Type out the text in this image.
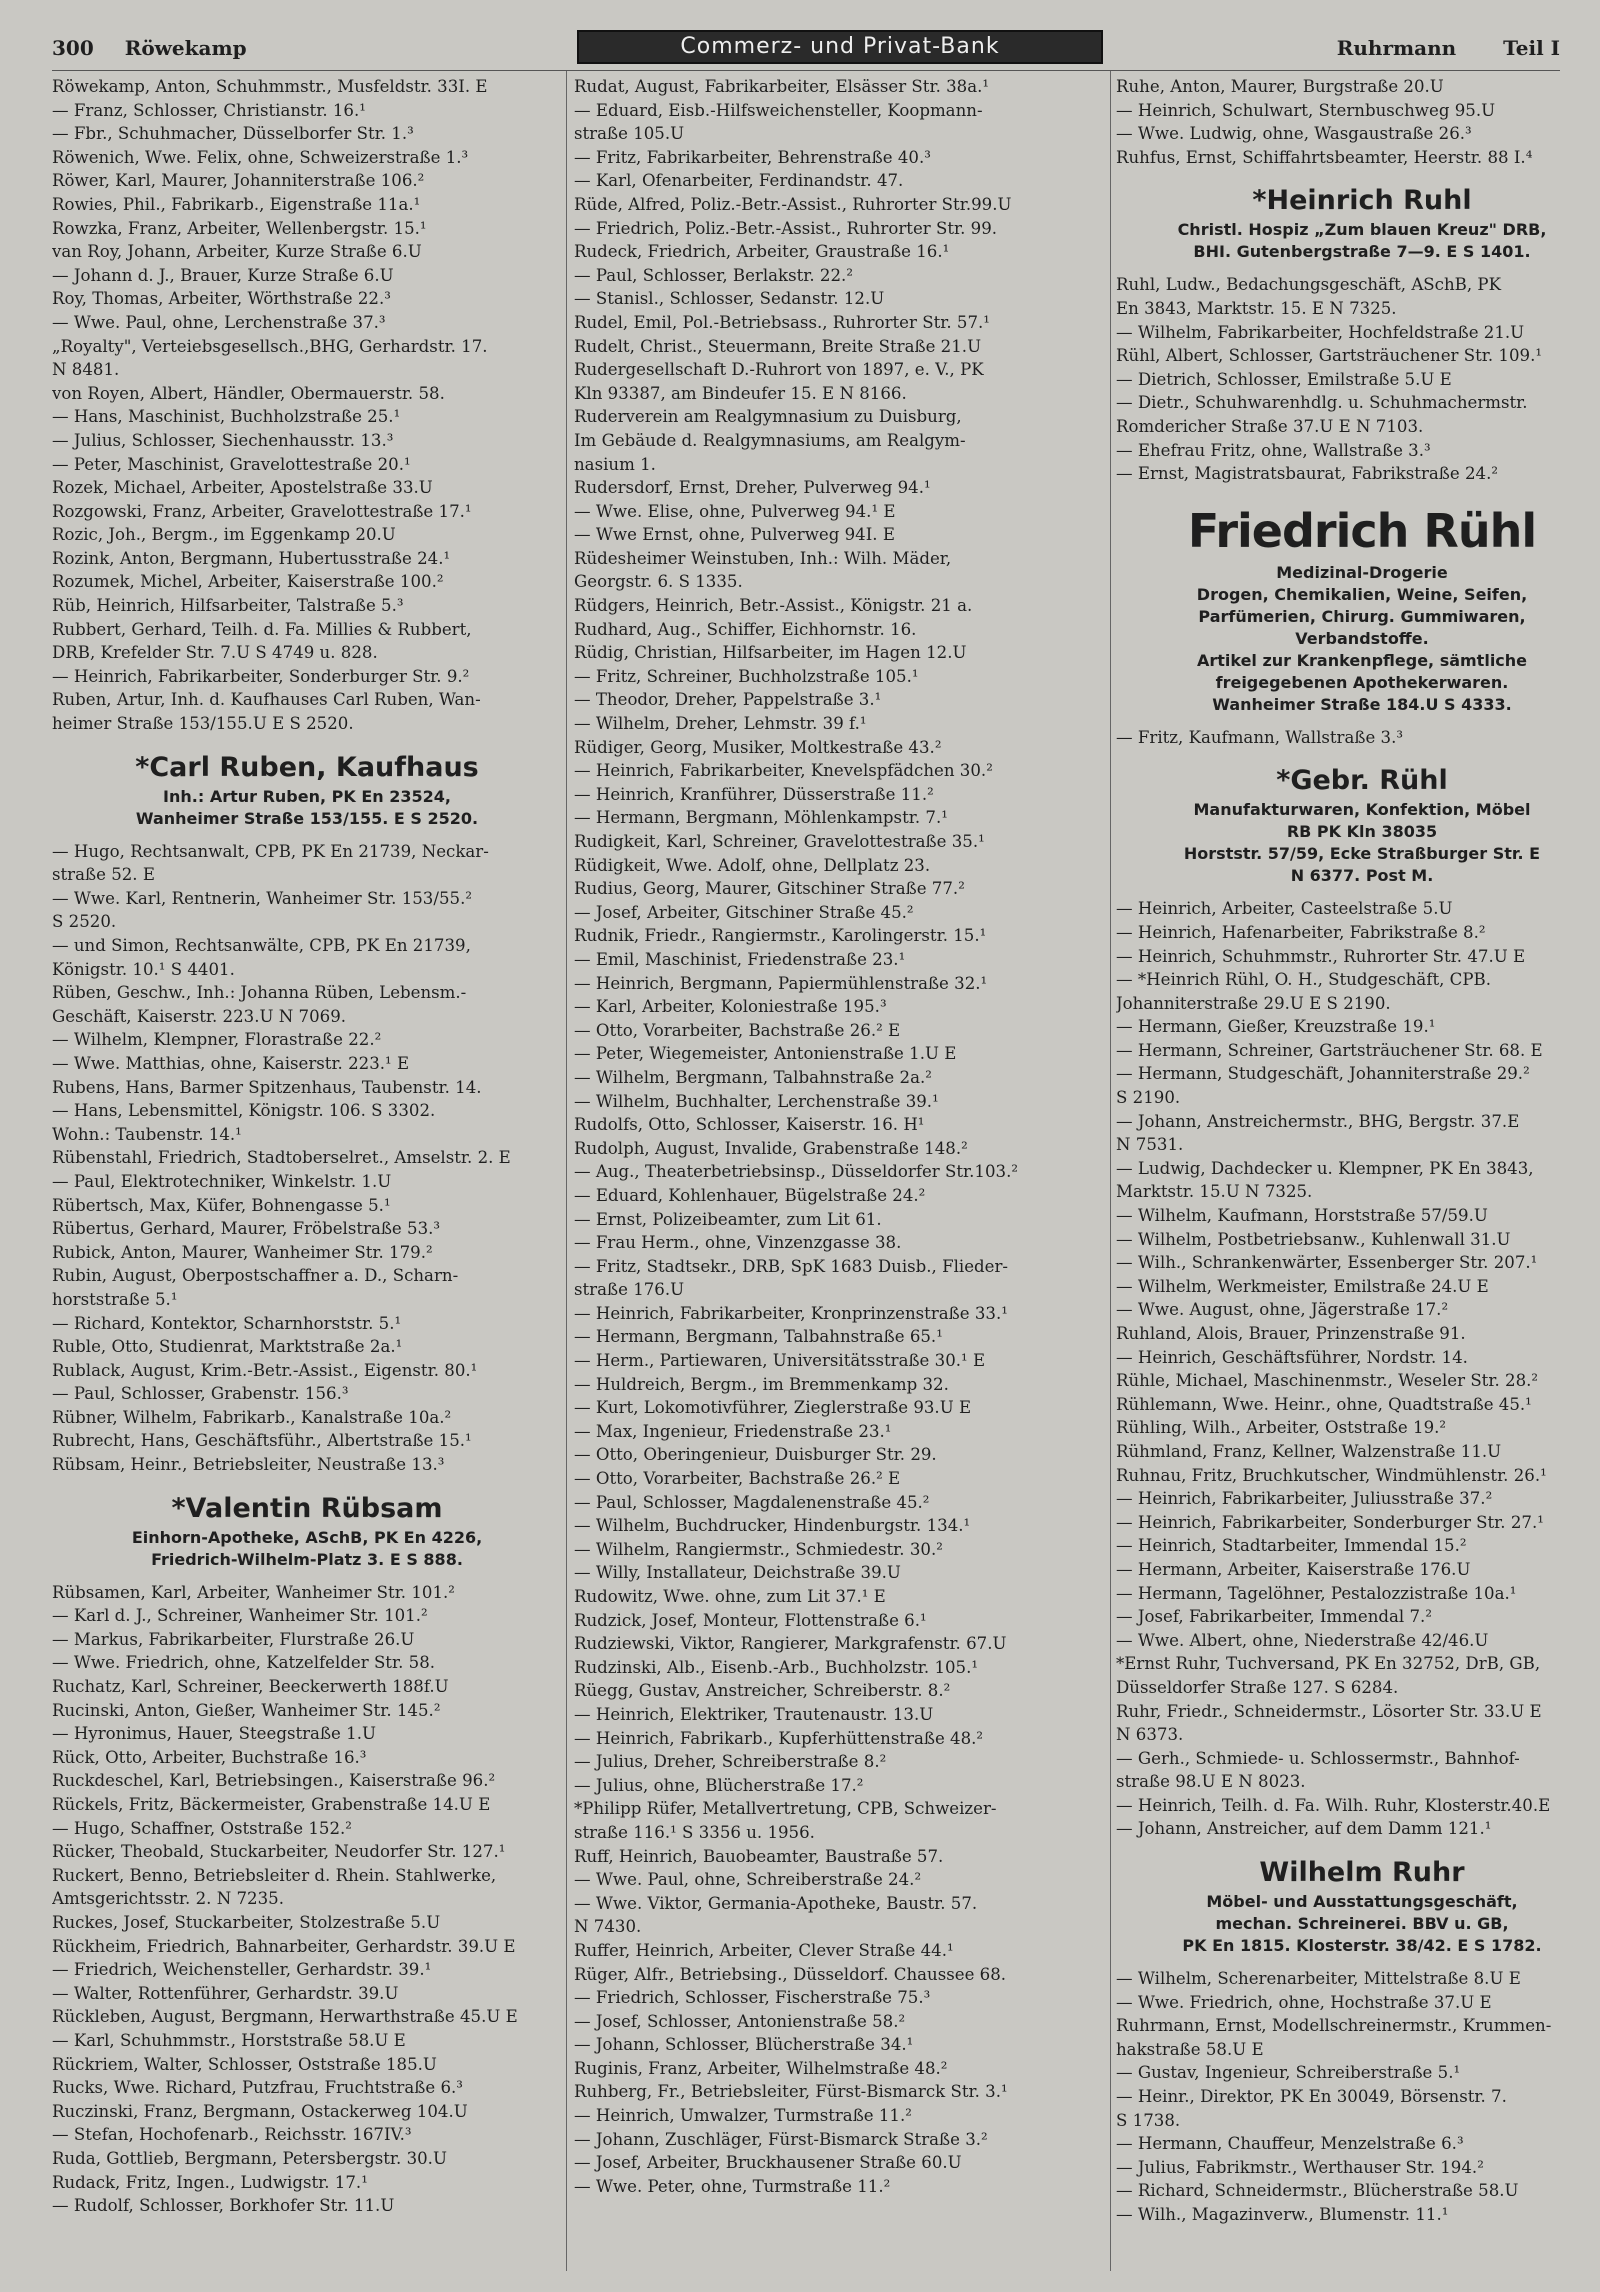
300 Röwekamp	Commerz- und Privat-Bank	Ruhrmann Teil I
Röwekamp, Anton, Schuhmmstr., Musfeldstr. 33I. E
— Franz, Schlosser, Christianstr. 16.¹
— Fbr., Schuhmacher, Düsselborfer Str. 1.³
Röwenich, Wwe. Felix, ohne, Schweizerstraße 1.³
Röwer, Karl, Maurer, Johanniterstraße 106.²
Rowies, Phil., Fabrikarb., Eigenstraße 11a.¹
Rowzka, Franz, Arbeiter, Wellenbergstr. 15.¹
van Roy, Johann, Arbeiter, Kurze Straße 6.U
— Johann d. J., Brauer, Kurze Straße 6.U
Roy, Thomas, Arbeiter, Wörthstraße 22.³
— Wwe. Paul, ohne, Lerchenstraße 37.³
„Royalty", Verteiebsgesellsch.,BHG, Gerhardstr. 17.
N 8481.
von Royen, Albert, Händler, Obermauerstr. 58.
— Hans, Maschinist, Buchholzstraße 25.¹
— Julius, Schlosser, Siechenhausstr. 13.³
— Peter, Maschinist, Gravelottestraße 20.¹
Rozek, Michael, Arbeiter, Apostelstraße 33.U
Rozgowski, Franz, Arbeiter, Gravelottestraße 17.¹
Rozic, Joh., Bergm., im Eggenkamp 20.U
Rozink, Anton, Bergmann, Hubertusstraße 24.¹
Rozumek, Michel, Arbeiter, Kaiserstraße 100.²
Rüb, Heinrich, Hilfsarbeiter, Talstraße 5.³
Rubbert, Gerhard, Teilh. d. Fa. Millies & Rubbert,
DRB, Krefelder Str. 7.U S 4749 u. 828.
— Heinrich, Fabrikarbeiter, Sonderburger Str. 9.²
Ruben, Artur, Inh. d. Kaufhauses Carl Ruben, Wan-
heimer Straße 153/155.U E S 2520.
*Carl Ruben, Kaufhaus
Inh.: Artur Ruben, PK En 23524,
Wanheimer Straße 153/155. E S 2520.
— Hugo, Rechtsanwalt, CPB, PK En 21739, Neckar-
straße 52. E
— Wwe. Karl, Rentnerin, Wanheimer Str. 153/55.²
S 2520.
— und Simon, Rechtsanwälte, CPB, PK En 21739,
Königstr. 10.¹ S 4401.
Rüben, Geschw., Inh.: Johanna Rüben, Lebensm.-
Geschäft, Kaiserstr. 223.U N 7069.
— Wilhelm, Klempner, Florastraße 22.²
— Wwe. Matthias, ohne, Kaiserstr. 223.¹ E
Rubens, Hans, Barmer Spitzenhaus, Taubenstr. 14.
— Hans, Lebensmittel, Königstr. 106. S 3302.
Wohn.: Taubenstr. 14.¹
Rübenstahl, Friedrich, Stadtoberselret., Amselstr. 2. E
— Paul, Elektrotechniker, Winkelstr. 1.U
Rübertsch, Max, Küfer, Bohnengasse 5.¹
Rübertus, Gerhard, Maurer, Fröbelstraße 53.³
Rubick, Anton, Maurer, Wanheimer Str. 179.²
Rubin, August, Oberpostschaffner a. D., Scharn-
horststraße 5.¹
— Richard, Kontektor, Scharnhorststr. 5.¹
Ruble, Otto, Studienrat, Marktstraße 2a.¹
Rublack, August, Krim.-Betr.-Assist., Eigenstr. 80.¹
— Paul, Schlosser, Grabenstr. 156.³
Rübner, Wilhelm, Fabrikarb., Kanalstraße 10a.²
Rubrecht, Hans, Geschäftsführ., Albertstraße 15.¹
Rübsam, Heinr., Betriebsleiter, Neustraße 13.³
*Valentin Rübsam
Einhorn-Apotheke, ASchB, PK En 4226,
Friedrich-Wilhelm-Platz 3. E S 888.
Rübsamen, Karl, Arbeiter, Wanheimer Str. 101.²
— Karl d. J., Schreiner, Wanheimer Str. 101.²
— Markus, Fabrikarbeiter, Flurstraße 26.U
— Wwe. Friedrich, ohne, Katzelfelder Str. 58.
Ruchatz, Karl, Schreiner, Beeckerwerth 188f.U
Rucinski, Anton, Gießer, Wanheimer Str. 145.²
— Hyronimus, Hauer, Steegstraße 1.U
Rück, Otto, Arbeiter, Buchstraße 16.³
Ruckdeschel, Karl, Betriebsingen., Kaiserstraße 96.²
Rückels, Fritz, Bäckermeister, Grabenstraße 14.U E
— Hugo, Schaffner, Oststraße 152.²
Rücker, Theobald, Stuckarbeiter, Neudorfer Str. 127.¹
Ruckert, Benno, Betriebsleiter d. Rhein. Stahlwerke,
Amtsgerichtsstr. 2. N 7235.
Ruckes, Josef, Stuckarbeiter, Stolzestraße 5.U
Rückheim, Friedrich, Bahnarbeiter, Gerhardstr. 39.U E
— Friedrich, Weichensteller, Gerhardstr. 39.¹
— Walter, Rottenführer, Gerhardstr. 39.U
Rückleben, August, Bergmann, Herwarthstraße 45.U E
— Karl, Schuhmmstr., Horststraße 58.U E
Rückriem, Walter, Schlosser, Oststraße 185.U
Rucks, Wwe. Richard, Putzfrau, Fruchtstraße 6.³
Ruczinski, Franz, Bergmann, Ostackerweg 104.U
— Stefan, Hochofenarb., Reichsstr. 167IV.³
Ruda, Gottlieb, Bergmann, Petersbergstr. 30.U
Rudack, Fritz, Ingen., Ludwigstr. 17.¹
— Rudolf, Schlosser, Borkhofer Str. 11.U
Rudat, August, Fabrikarbeiter, Elsässer Str. 38a.¹
— Eduard, Eisb.-Hilfsweichensteller, Koopmann-
straße 105.U
— Fritz, Fabrikarbeiter, Behrenstraße 40.³
— Karl, Ofenarbeiter, Ferdinandstr. 47.
Rüde, Alfred, Poliz.-Betr.-Assist., Ruhrorter Str.99.U
— Friedrich, Poliz.-Betr.-Assist., Ruhrorter Str. 99.
Rudeck, Friedrich, Arbeiter, Graustraße 16.¹
— Paul, Schlosser, Berlakstr. 22.²
— Stanisl., Schlosser, Sedanstr. 12.U
Rudel, Emil, Pol.-Betriebsass., Ruhrorter Str. 57.¹
Rudelt, Christ., Steuermann, Breite Straße 21.U
Rudergesellschaft D.-Ruhrort von 1897, e. V., PK
Kln 93387, am Bindeufer 15. E N 8166.
Ruderverein am Realgymnasium zu Duisburg,
Im Gebäude d. Realgymnasiums, am Realgym-
nasium 1.
Rudersdorf, Ernst, Dreher, Pulverweg 94.¹
— Wwe. Elise, ohne, Pulverweg 94.¹ E
— Wwe Ernst, ohne, Pulverweg 94I. E
Rüdesheimer Weinstuben, Inh.: Wilh. Mäder,
Georgstr. 6. S 1335.
Rüdgers, Heinrich, Betr.-Assist., Königstr. 21 a.
Rudhard, Aug., Schiffer, Eichhornstr. 16.
Rüdig, Christian, Hilfsarbeiter, im Hagen 12.U
— Fritz, Schreiner, Buchholzstraße 105.¹
— Theodor, Dreher, Pappelstraße 3.¹
— Wilhelm, Dreher, Lehmstr. 39 f.¹
Rüdiger, Georg, Musiker, Moltkestraße 43.²
— Heinrich, Fabrikarbeiter, Knevelspfädchen 30.²
— Heinrich, Kranführer, Düsserstraße 11.²
— Hermann, Bergmann, Möhlenkampstr. 7.¹
Rudigkeit, Karl, Schreiner, Gravelottestraße 35.¹
Rüdigkeit, Wwe. Adolf, ohne, Dellplatz 23.
Rudius, Georg, Maurer, Gitschiner Straße 77.²
— Josef, Arbeiter, Gitschiner Straße 45.²
Rudnik, Friedr., Rangiermstr., Karolingerstr. 15.¹
— Emil, Maschinist, Friedenstraße 23.¹
— Heinrich, Bergmann, Papiermühlenstraße 32.¹
— Karl, Arbeiter, Koloniestraße 195.³
— Otto, Vorarbeiter, Bachstraße 26.² E
— Peter, Wiegemeister, Antonienstraße 1.U E
— Wilhelm, Bergmann, Talbahnstraße 2a.²
— Wilhelm, Buchhalter, Lerchenstraße 39.¹
Rudolfs, Otto, Schlosser, Kaiserstr. 16. H¹
Rudolph, August, Invalide, Grabenstraße 148.²
— Aug., Theaterbetriebsinsp., Düsseldorfer Str.103.²
— Eduard, Kohlenhauer, Bügelstraße 24.²
— Ernst, Polizeibeamter, zum Lit 61.
— Frau Herm., ohne, Vinzenzgasse 38.
— Fritz, Stadtsekr., DRB, SpK 1683 Duisb., Flieder-
straße 176.U
— Heinrich, Fabrikarbeiter, Kronprinzenstraße 33.¹
— Hermann, Bergmann, Talbahnstraße 65.¹
— Herm., Partiewaren, Universitätsstraße 30.¹ E
— Huldreich, Bergm., im Bremmenkamp 32.
— Kurt, Lokomotivführer, Zieglerstraße 93.U E
— Max, Ingenieur, Friedenstraße 23.¹
— Otto, Oberingenieur, Duisburger Str. 29.
— Otto, Vorarbeiter, Bachstraße 26.² E
— Paul, Schlosser, Magdalenenstraße 45.²
— Wilhelm, Buchdrucker, Hindenburgstr. 134.¹
— Wilhelm, Rangiermstr., Schmiedestr. 30.²
— Willy, Installateur, Deichstraße 39.U
Rudowitz, Wwe. ohne, zum Lit 37.¹ E
Rudzick, Josef, Monteur, Flottenstraße 6.¹
Rudziewski, Viktor, Rangierer, Markgrafenstr. 67.U
Rudzinski, Alb., Eisenb.-Arb., Buchholzstr. 105.¹
Rüegg, Gustav, Anstreicher, Schreiberstr. 8.²
— Heinrich, Elektriker, Trautenaustr. 13.U
— Heinrich, Fabrikarb., Kupferhüttenstraße 48.²
— Julius, Dreher, Schreiberstraße 8.²
— Julius, ohne, Blücherstraße 17.²
*Philipp Rüfer, Metallvertretung, CPB, Schweizer-
straße 116.¹ S 3356 u. 1956.
Ruff, Heinrich, Bauobeamter, Baustraße 57.
— Wwe. Paul, ohne, Schreiberstraße 24.²
— Wwe. Viktor, Germania-Apotheke, Baustr. 57.
N 7430.
Ruffer, Heinrich, Arbeiter, Clever Straße 44.¹
Rüger, Alfr., Betriebsing., Düsseldorf. Chaussee 68.
— Friedrich, Schlosser, Fischerstraße 75.³
— Josef, Schlosser, Antonienstraße 58.²
— Johann, Schlosser, Blücherstraße 34.¹
Ruginis, Franz, Arbeiter, Wilhelmstraße 48.²
Ruhberg, Fr., Betriebsleiter, Fürst-Bismarck Str. 3.¹
— Heinrich, Umwalzer, Turmstraße 11.²
— Johann, Zuschläger, Fürst-Bismarck Straße 3.²
— Josef, Arbeiter, Bruckhausener Straße 60.U
— Wwe. Peter, ohne, Turmstraße 11.²
Ruhe, Anton, Maurer, Burgstraße 20.U
— Heinrich, Schulwart, Sternbuschweg 95.U
— Wwe. Ludwig, ohne, Wasgaustraße 26.³
Ruhfus, Ernst, Schiffahrtsbeamter, Heerstr. 88 I.⁴
*Heinrich Ruhl
Christl. Hospiz „Zum blauen Kreuz" DRB,
BHI. Gutenbergstraße 7—9. E S 1401.
Ruhl, Ludw., Bedachungsgeschäft, ASchB, PK
En 3843, Marktstr. 15. E N 7325.
— Wilhelm, Fabrikarbeiter, Hochfeldstraße 21.U
Rühl, Albert, Schlosser, Gartsträuchener Str. 109.¹
— Dietrich, Schlosser, Emilstraße 5.U E
— Dietr., Schuhwarenhdlg. u. Schuhmachermstr.
Romdericher Straße 37.U E N 7103.
— Ehefrau Fritz, ohne, Wallstraße 3.³
— Ernst, Magistratsbaurat, Fabrikstraße 24.²
Friedrich Rühl
Medizinal-Drogerie
Drogen, Chemikalien, Weine, Seifen,
Parfümerien, Chirurg. Gummiwaren,
Verbandstoffe.
Artikel zur Krankenpflege, sämtliche
freigegebenen Apothekerwaren.
Wanheimer Straße 184.U S 4333.
— Fritz, Kaufmann, Wallstraße 3.³
*Gebr. Rühl
Manufakturwaren, Konfektion, Möbel
RB PK Kln 38035
Horststr. 57/59, Ecke Straßburger Str. E
N 6377. Post M.
— Heinrich, Arbeiter, Casteelstraße 5.U
— Heinrich, Hafenarbeiter, Fabrikstraße 8.²
— Heinrich, Schuhmmstr., Ruhrorter Str. 47.U E
— *Heinrich Rühl, O. H., Studgeschäft, CPB.
Johanniterstraße 29.U E S 2190.
— Hermann, Gießer, Kreuzstraße 19.¹
— Hermann, Schreiner, Gartsträuchener Str. 68. E
— Hermann, Studgeschäft, Johanniterstraße 29.²
S 2190.
— Johann, Anstreichermstr., BHG, Bergstr. 37.E
N 7531.
— Ludwig, Dachdecker u. Klempner, PK En 3843,
Marktstr. 15.U N 7325.
— Wilhelm, Kaufmann, Horststraße 57/59.U
— Wilhelm, Postbetriebsanw., Kuhlenwall 31.U
— Wilh., Schrankenwärter, Essenberger Str. 207.¹
— Wilhelm, Werkmeister, Emilstraße 24.U E
— Wwe. August, ohne, Jägerstraße 17.²
Ruhland, Alois, Brauer, Prinzenstraße 91.
— Heinrich, Geschäftsführer, Nordstr. 14.
Rühle, Michael, Maschinenmstr., Weseler Str. 28.²
Rühlemann, Wwe. Heinr., ohne, Quadtstraße 45.¹
Rühling, Wilh., Arbeiter, Oststraße 19.²
Rühmland, Franz, Kellner, Walzenstraße 11.U
Ruhnau, Fritz, Bruchkutscher, Windmühlenstr. 26.¹
— Heinrich, Fabrikarbeiter, Juliusstraße 37.²
— Heinrich, Fabrikarbeiter, Sonderburger Str. 27.¹
— Heinrich, Stadtarbeiter, Immendal 15.²
— Hermann, Arbeiter, Kaiserstraße 176.U
— Hermann, Tagelöhner, Pestalozzistraße 10a.¹
— Josef, Fabrikarbeiter, Immendal 7.²
— Wwe. Albert, ohne, Niederstraße 42/46.U
*Ernst Ruhr, Tuchversand, PK En 32752, DrB, GB,
Düsseldorfer Straße 127. S 6284.
Ruhr, Friedr., Schneidermstr., Lösorter Str. 33.U E
N 6373.
— Gerh., Schmiede- u. Schlossermstr., Bahnhof-
straße 98.U E N 8023.
— Heinrich, Teilh. d. Fa. Wilh. Ruhr, Klosterstr.40.E
— Johann, Anstreicher, auf dem Damm 121.¹
Wilhelm Ruhr
Möbel- und Ausstattungsgeschäft,
mechan. Schreinerei. BBV u. GB,
PK En 1815. Klosterstr. 38/42. E S 1782.
— Wilhelm, Scherenarbeiter, Mittelstraße 8.U E
— Wwe. Friedrich, ohne, Hochstraße 37.U E
Ruhrmann, Ernst, Modellschreinermstr., Krummen-
hakstraße 58.U E
— Gustav, Ingenieur, Schreiberstraße 5.¹
— Heinr., Direktor, PK En 30049, Börsenstr. 7.
S 1738.
— Hermann, Chauffeur, Menzelstraße 6.³
— Julius, Fabrikmstr., Werthauser Str. 194.²
— Richard, Schneidermstr., Blücherstraße 58.U
— Wilh., Magazinverw., Blumenstr. 11.¹
